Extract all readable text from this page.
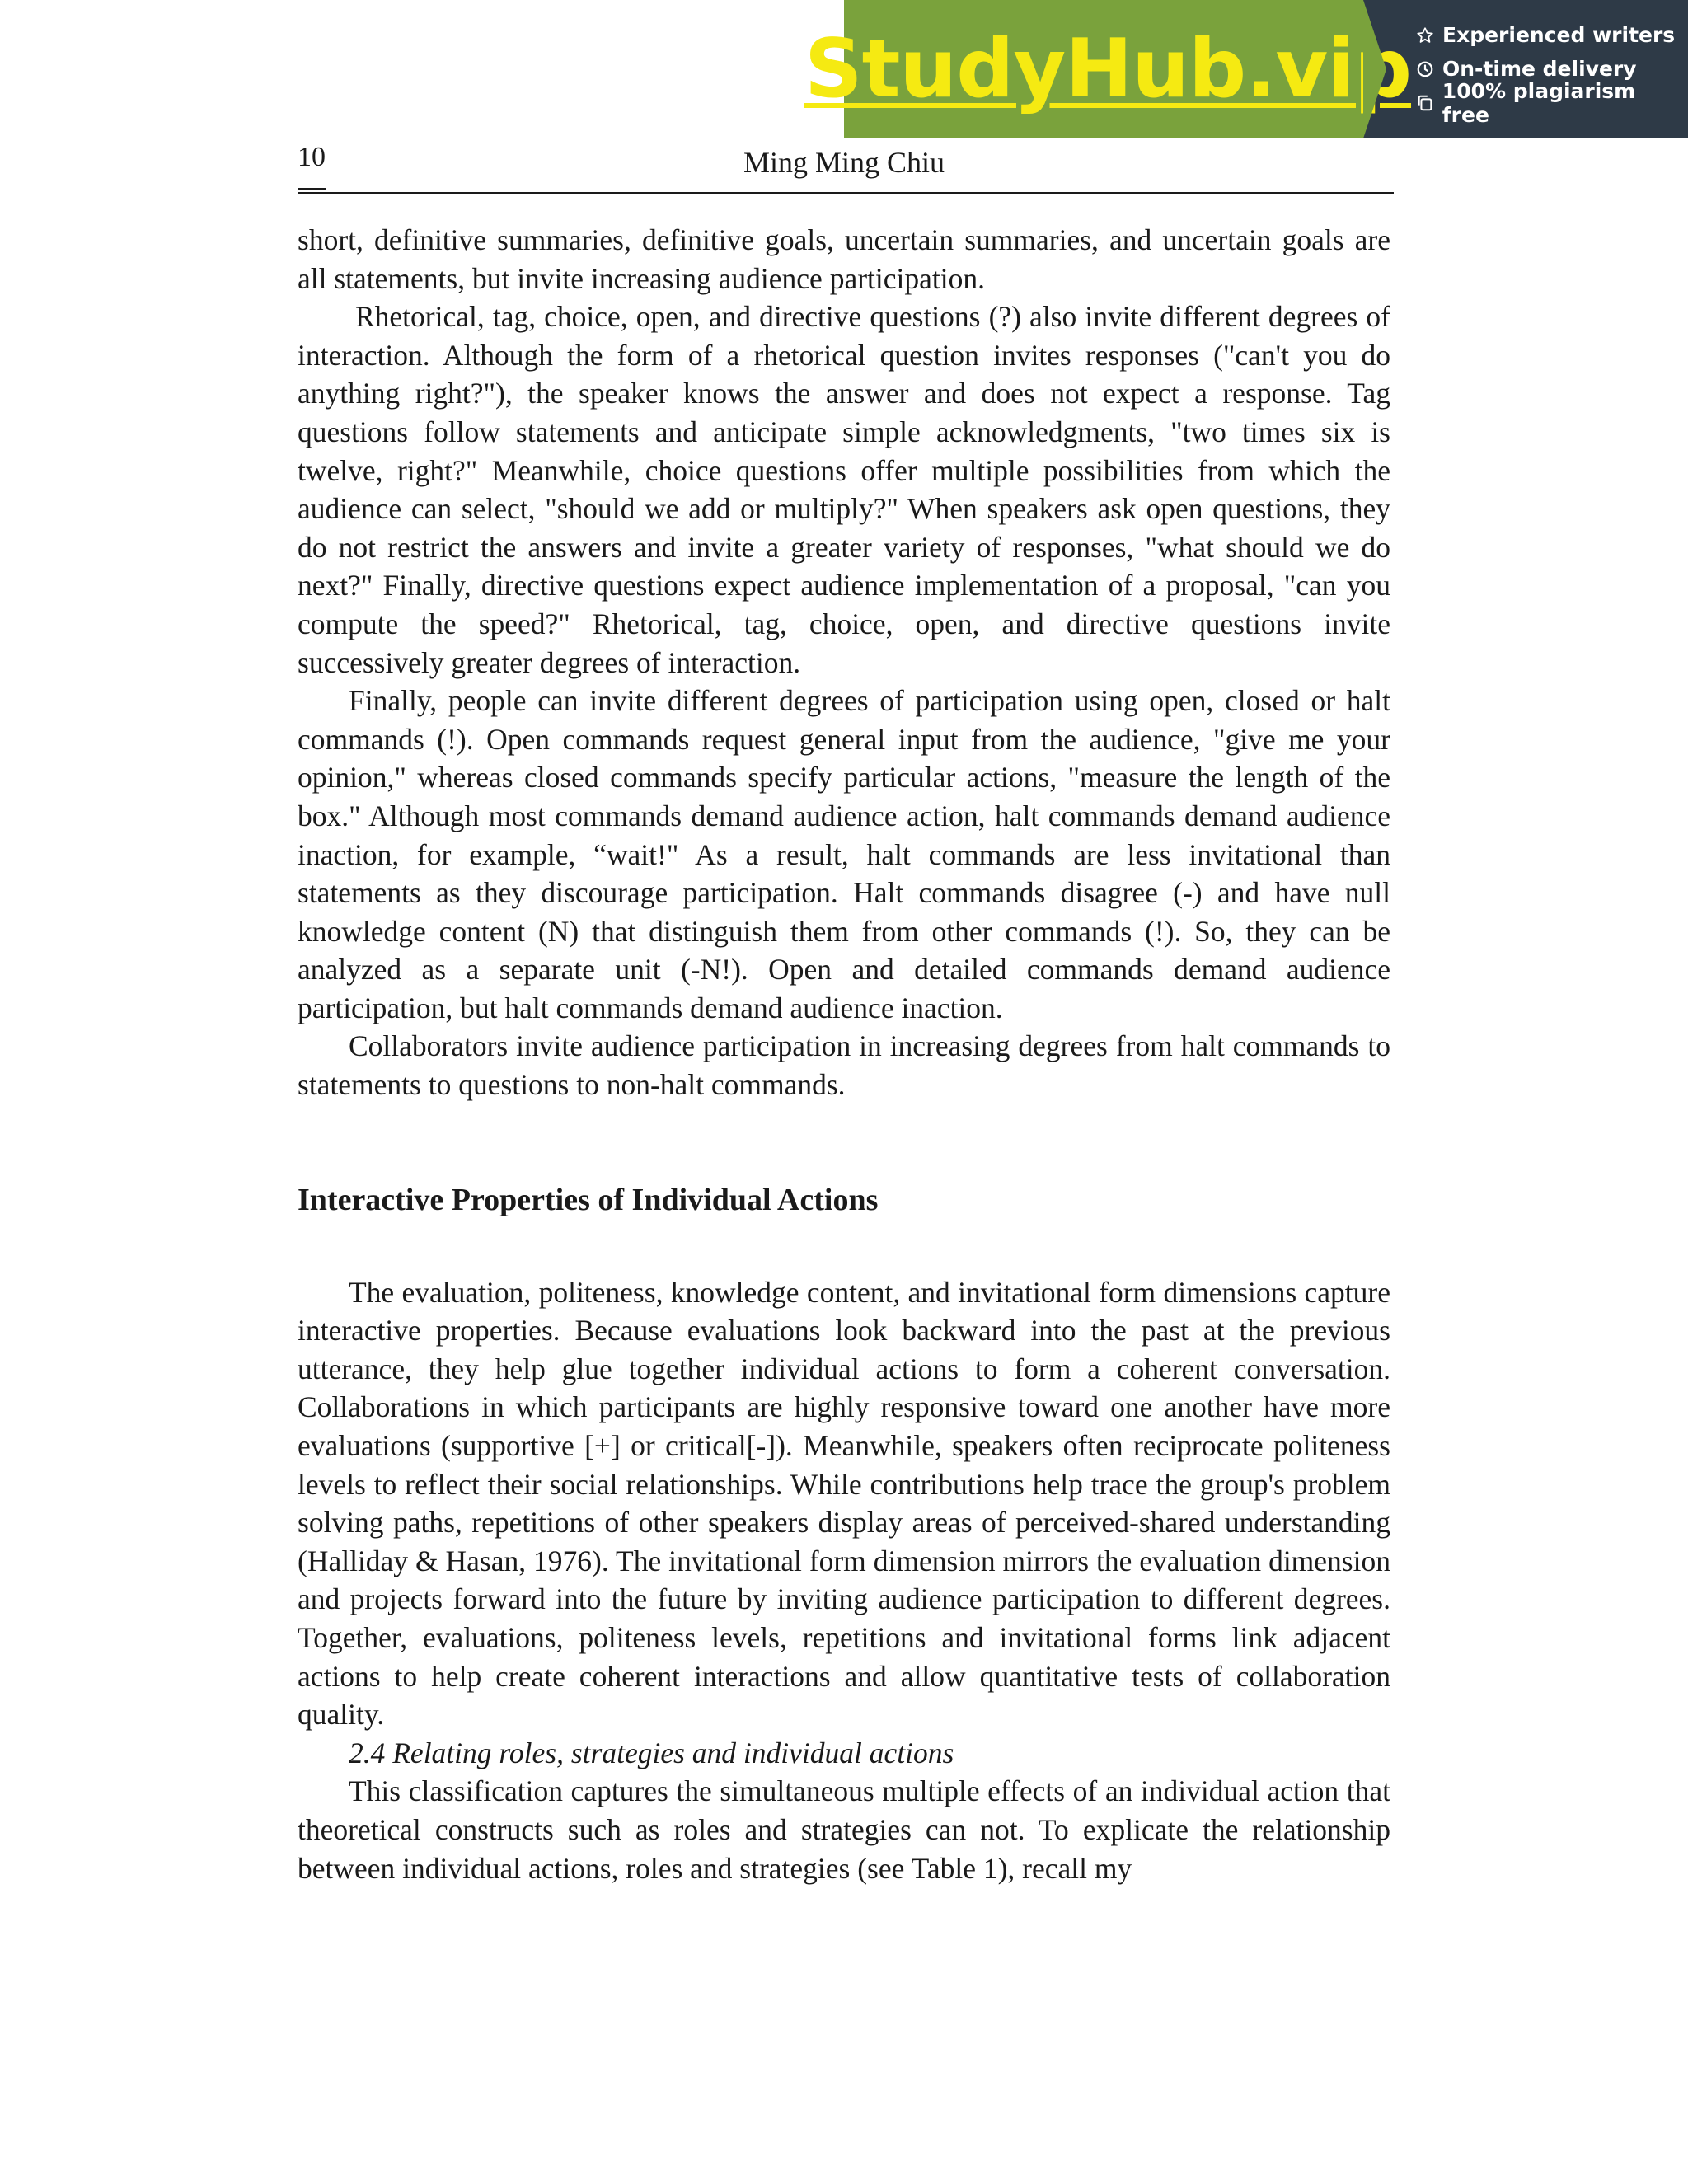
StudyHub.vip Experienced writers
On-time delivery
100% plagiarism free
10	Ming Ming Chiu

short, definitive summaries, definitive goals, uncertain summaries, and uncertain goals are all statements, but invite increasing audience participation.

Rhetorical, tag, choice, open, and directive questions (?) also invite different degrees of interaction. Although the form of a rhetorical question invites responses ("can't you do anything right?"), the speaker knows the answer and does not expect a response. Tag questions follow statements and anticipate simple acknowledgments, "two times six is twelve, right?" Meanwhile, choice questions offer multiple possibilities from which the audience can select, "should we add or multiply?" When speakers ask open questions, they do not restrict the answers and invite a greater variety of responses, "what should we do next?" Finally, directive questions expect audience implementation of a proposal, "can you compute the speed?" Rhetorical, tag, choice, open, and directive questions invite successively greater degrees of interaction.

Finally, people can invite different degrees of participation using open, closed or halt commands (!). Open commands request general input from the audience, "give me your opinion," whereas closed commands specify particular actions, "measure the length of the box." Although most commands demand audience action, halt commands demand audience inaction, for example, “wait!" As a result, halt commands are less invitational than statements as they discourage participation. Halt commands disagree (-) and have null knowledge content (N) that distinguish them from other commands (!). So, they can be analyzed as a separate unit (-N!). Open and detailed commands demand audience participation, but halt commands demand audience inaction.

Collaborators invite audience participation in increasing degrees from halt commands to statements to questions to non-halt commands.

Interactive Properties of Individual Actions

The evaluation, politeness, knowledge content, and invitational form dimensions capture interactive properties. Because evaluations look backward into the past at the previous utterance, they help glue together individual actions to form a coherent conversation. Collaborations in which participants are highly responsive toward one another have more evaluations (supportive [+] or critical[-]). Meanwhile, speakers often reciprocate politeness levels to reflect their social relationships. While contributions help trace the group's problem solving paths, repetitions of other speakers display areas of perceived-shared understanding (Halliday & Hasan, 1976). The invitational form dimension mirrors the evaluation dimension and projects forward into the future by inviting audience participation to different degrees. Together, evaluations, politeness levels, repetitions and invitational forms link adjacent actions to help create coherent interactions and allow quantitative tests of collaboration quality.

2.4 Relating roles, strategies and individual actions

This classification captures the simultaneous multiple effects of an individual action that theoretical constructs such as roles and strategies can not. To explicate the relationship between individual actions, roles and strategies (see Table 1), recall my
